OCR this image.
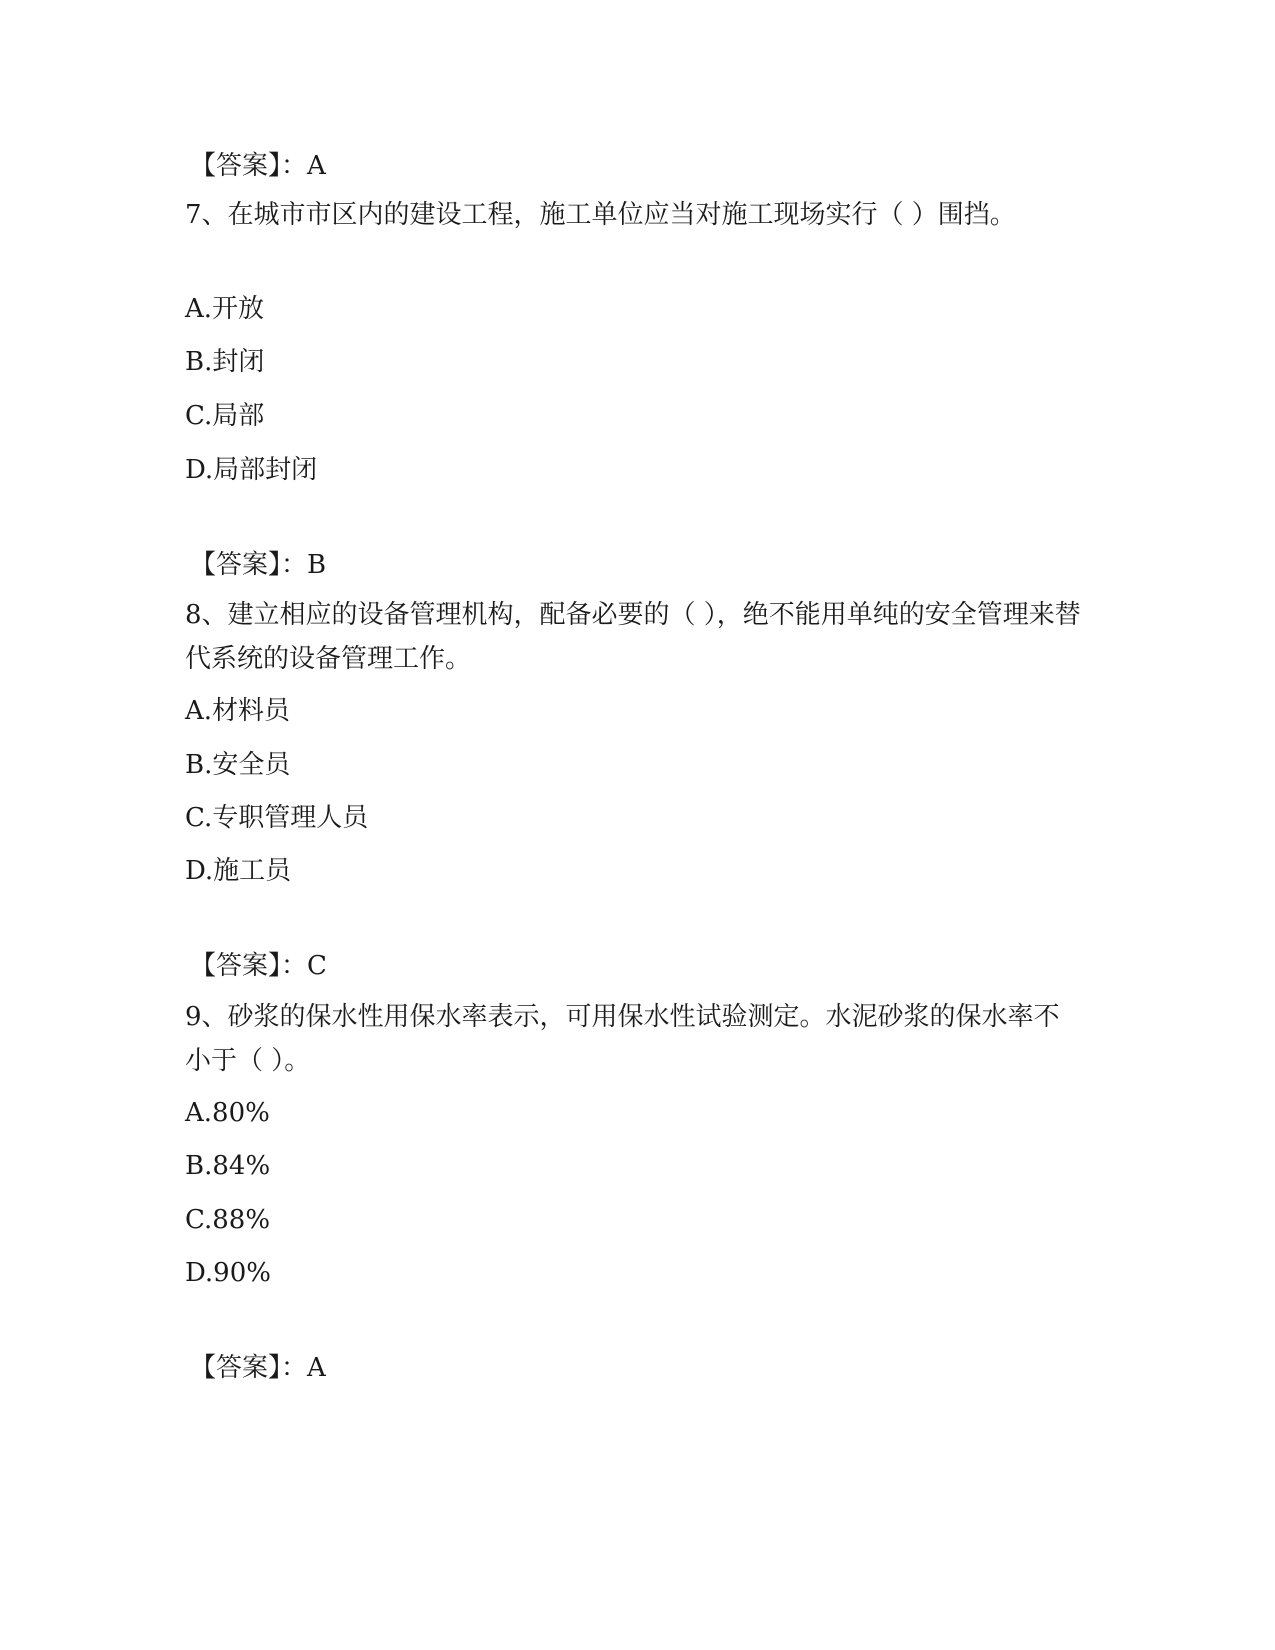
【答案】：A
7、在城市市区内的建设工程，施工单位应当对施工现场实行（ ）围挡。
A.开放
B.封闭
C.局部
D.局部封闭
【答案】：B
8、建立相应的设备管理机构，配备必要的（ ），绝不能用单纯的安全管理来替代系统的设备管理工作。
A.材料员
B.安全员
C.专职管理人员
D.施工员
【答案】：C
9、砂浆的保水性用保水率表示，可用保水性试验测定。水泥砂浆的保水率不小于（ ）。
A.80%
B.84%
C.88%
D.90%
【答案】：A
